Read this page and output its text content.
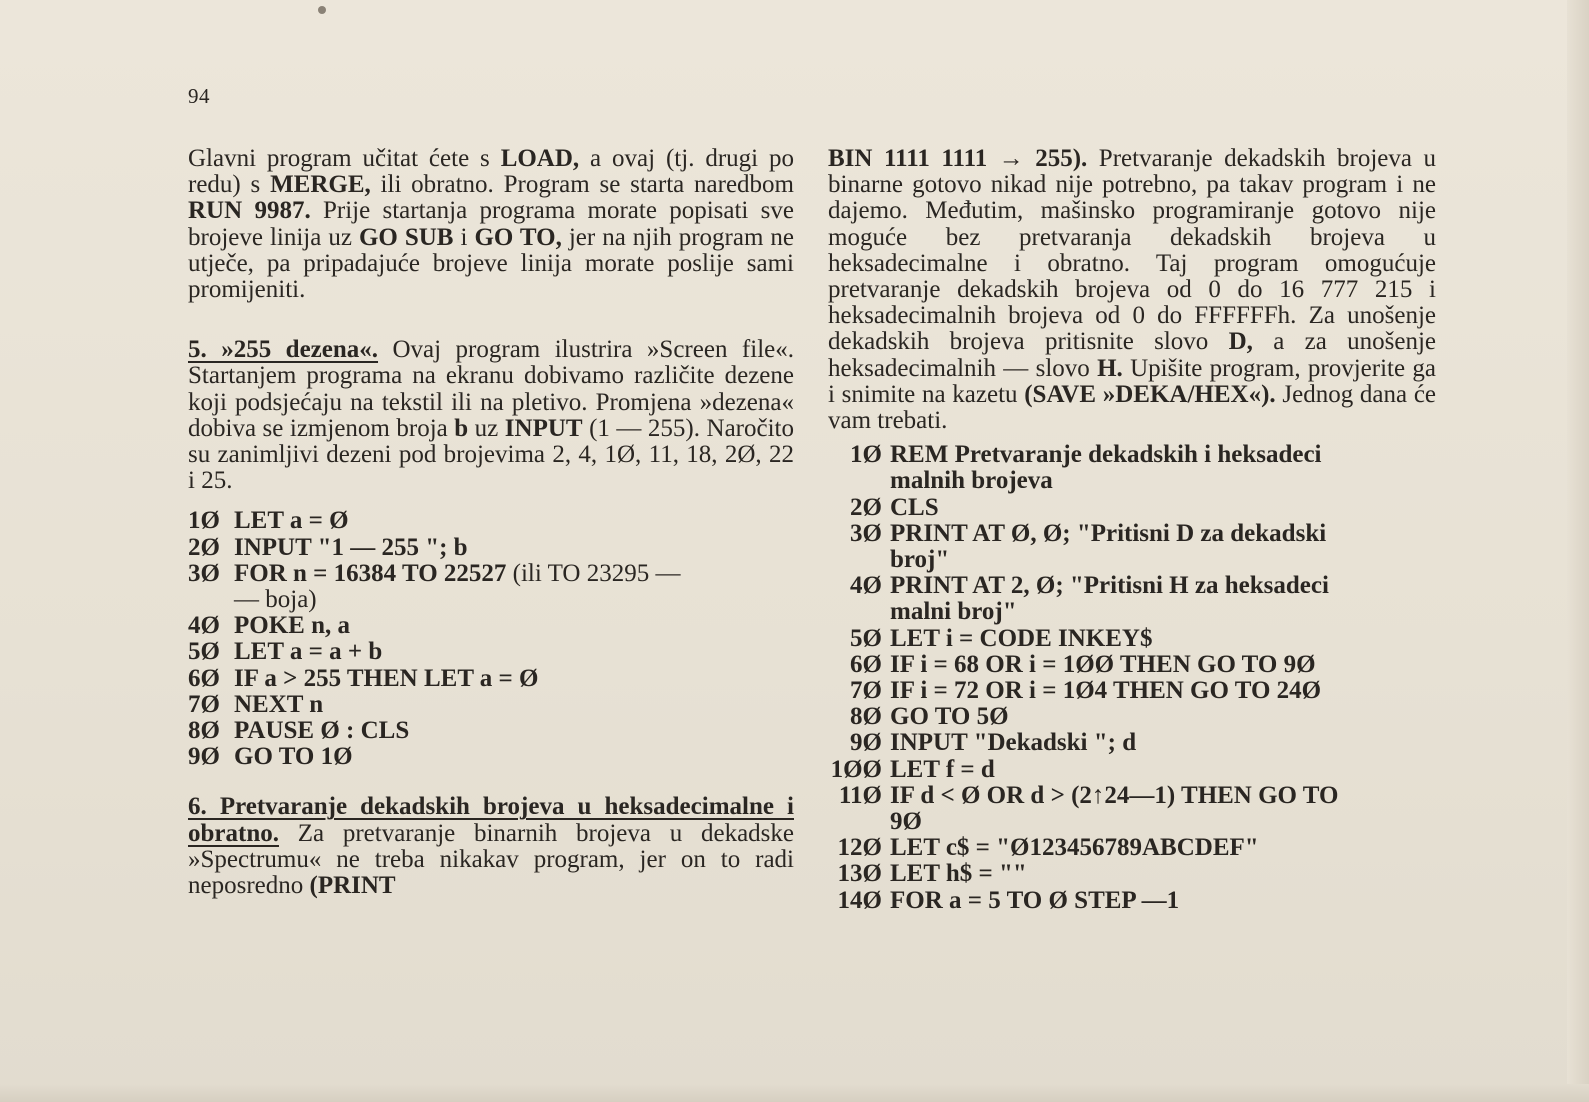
94

Glavni program učitat ćete s LOAD, a ovaj (tj. drugi po redu) s MERGE, ili obratno. Program se starta naredbom RUN 9987. Prije startanja programa morate popisati sve brojeve linija uz GO SUB i GO TO, jer na njih program ne utječe, pa pripadajuće brojeve linija morate poslije sami promijeniti.

5. »255 dezena«. Ovaj program ilustrira »Screen file«. Startanjem programa na ekranu dobivamo različite dezene koji podsjećaju na tekstil ili na pletivo. Promjena »dezena« dobiva se izmjenom broja b uz INPUT (1 — 255). Naročito su zanimljivi dezeni pod brojevima 2, 4, 1Ø, 11, 18, 2Ø, 22 i 25.

1Ø LET a = Ø
2Ø INPUT "1 — 255 "; b
3Ø FOR n = 16384 TO 22527 (ili TO 23295 —
— boja)
4Ø POKE n, a
5Ø LET a = a + b
6Ø IF a > 255 THEN LET a = Ø
7Ø NEXT n
8Ø PAUSE Ø : CLS
9Ø GO TO 1Ø

6. Pretvaranje dekadskih brojeva u heksadecimalne i obratno. Za pretvaranje binarnih brojeva u dekadske »Spectrumu« ne treba nikakav program, jer on to radi neposredno (PRINT

BIN 1111 1111 → 255). Pretvaranje dekadskih brojeva u binarne gotovo nikad nije potrebno, pa takav program i ne dajemo. Međutim, mašinsko programiranje gotovo nije moguće bez pretvaranja dekadskih brojeva u heksadecimalne i obratno. Taj program omogućuje pretvaranje dekadskih brojeva od 0 do 16 777 215 i heksadecimalnih brojeva od 0 do FFFFFFh. Za unošenje dekadskih brojeva pritisnite slovo D, a za unošenje heksadecimalnih — slovo H. Upišite program, provjerite ga i snimite na kazetu (SAVE »DEKA/HEX«). Jednog dana će vam trebati.

1Ø REM Pretvaranje dekadskih i heksadeci
malnih brojeva
2Ø CLS
3Ø PRINT AT Ø, Ø; "Pritisni D za dekadski
broj"
4Ø PRINT AT 2, Ø; "Pritisni H za heksadeci
malni broj"
5Ø LET i = CODE INKEY$
6Ø IF i = 68 OR i = 1ØØ THEN GO TO 9Ø
7Ø IF i = 72 OR i = 1Ø4 THEN GO TO 24Ø
8Ø GO TO 5Ø
9Ø INPUT "Dekadski "; d
1ØØ LET f = d
11Ø IF d < Ø OR d > (2↑24—1) THEN GO TO
9Ø
12Ø LET c$ = "Ø123456789ABCDEF"
13Ø LET h$ = ""
14Ø FOR a = 5 TO Ø STEP —1
